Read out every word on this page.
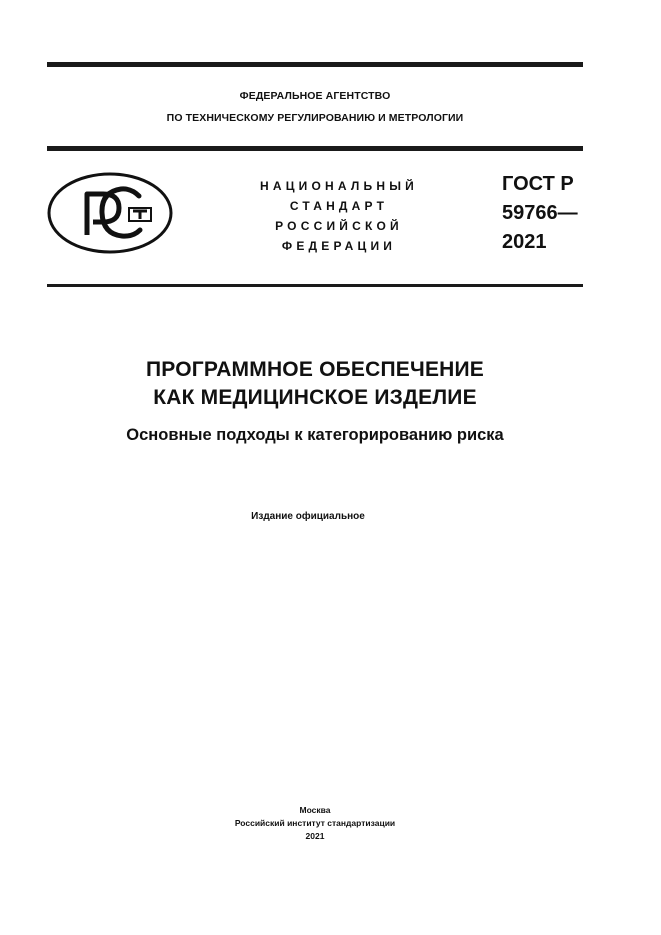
ФЕДЕРАЛЬНОЕ АГЕНТСТВО
ПО ТЕХНИЧЕСКОМУ РЕГУЛИРОВАНИЮ И МЕТРОЛОГИИ
НАЦИОНАЛЬНЫЙ
СТАНДАРТ
РОССИЙСКОЙ
ФЕДЕРАЦИИ
ГОСТ Р
59766—
2021
ПРОГРАММНОЕ ОБЕСПЕЧЕНИЕ
КАК МЕДИЦИНСКОЕ ИЗДЕЛИЕ
Основные подходы к категорированию риска
Издание официальное
Москва
Российский институт стандартизации
2021
